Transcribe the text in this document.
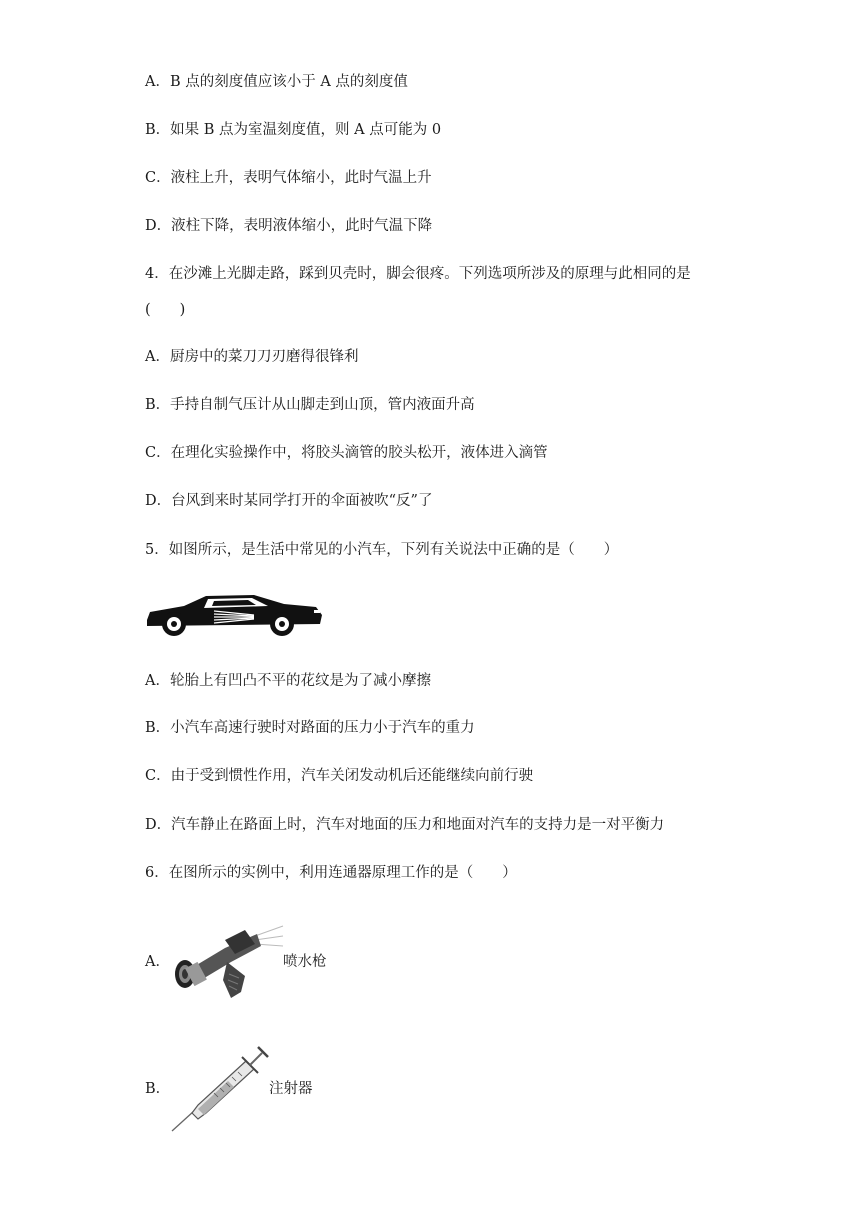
A．B 点的刻度值应该小于 A 点的刻度值
B．如果 B 点为室温刻度值，则 A 点可能为 0
C．液柱上升，表明气体缩小，此时气温上升
D．液柱下降，表明液体缩小，此时气温下降
4．在沙滩上光脚走路，踩到贝壳时，脚会很疼。下列选项所涉及的原理与此相同的是
(　　)
A．厨房中的菜刀刀刃磨得很锋利
B．手持自制气压计从山脚走到山顶，管内液面升高
C．在理化实验操作中，将胶头滴管的胶头松开，液体进入滴管
D．台风到来时某同学打开的伞面被吹“反”了
5．如图所示，是生活中常见的小汽车，下列有关说法中正确的是（　　）
A．轮胎上有凹凸不平的花纹是为了减小摩擦
B．小汽车高速行驶时对路面的压力小于汽车的重力
C．由于受到惯性作用，汽车关闭发动机后还能继续向前行驶
D．汽车静止在路面上时，汽车对地面的压力和地面对汽车的支持力是一对平衡力
6．在图所示的实例中，利用连通器原理工作的是（　　）
A．	喷水枪
B．	注射器
